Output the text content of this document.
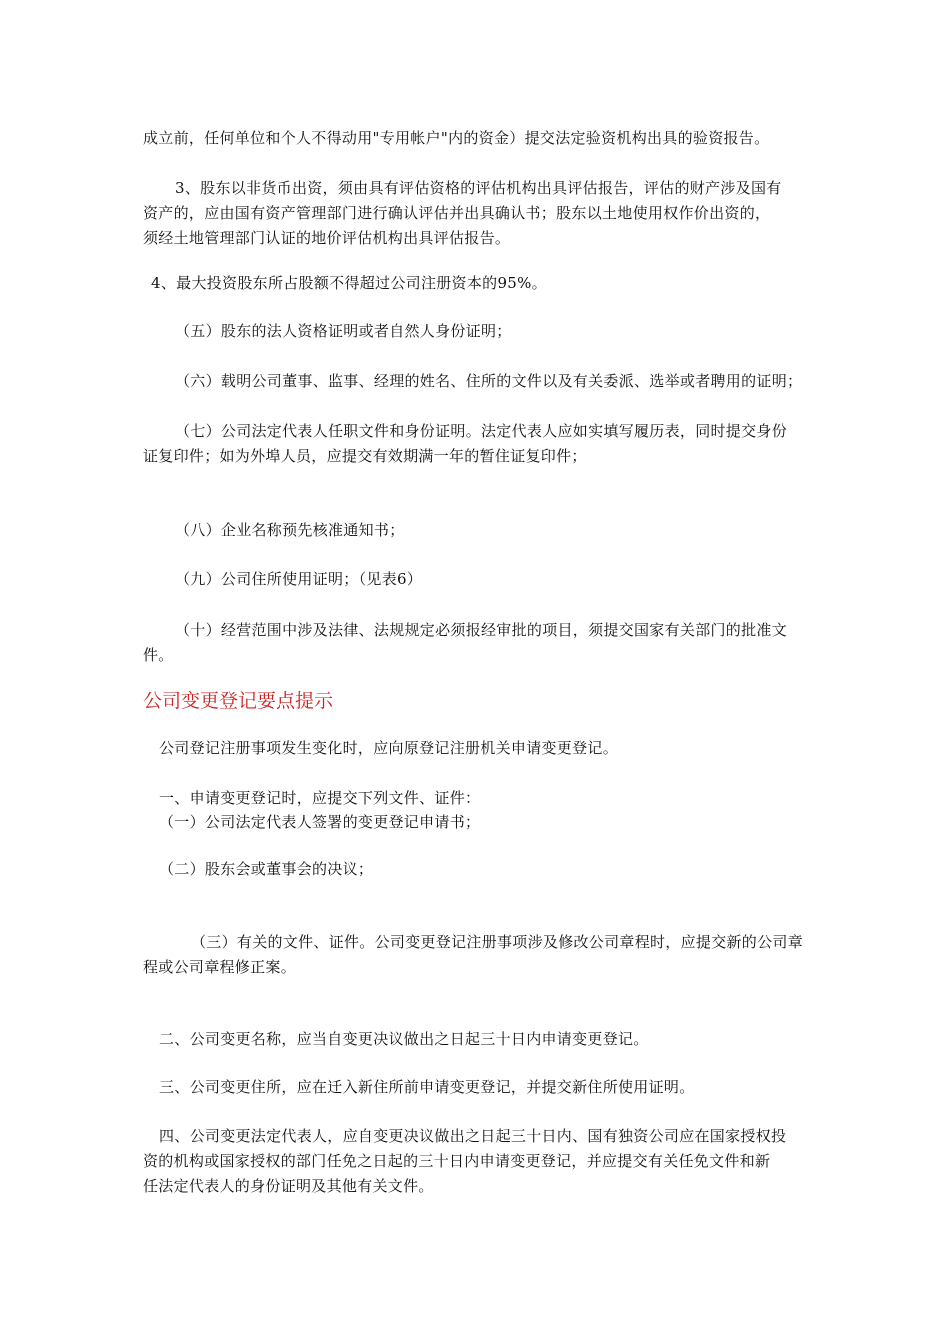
成立前，任何单位和个人不得动用"专用帐户"内的资金）提交法定验资机构出具的验资报告。
3、股东以非货币出资，须由具有评估资格的评估机构出具评估报告，评估的财产涉及国有
资产的，应由国有资产管理部门进行确认评估并出具确认书；股东以土地使用权作价出资的，
须经土地管理部门认证的地价评估机构出具评估报告。
4、最大投资股东所占股额不得超过公司注册资本的95%。
（五）股东的法人资格证明或者自然人身份证明；
（六）载明公司董事、监事、经理的姓名、住所的文件以及有关委派、选举或者聘用的证明；
（七）公司法定代表人任职文件和身份证明。法定代表人应如实填写履历表，同时提交身份
证复印件；如为外埠人员，应提交有效期满一年的暂住证复印件；
（八）企业名称预先核准通知书；
（九）公司住所使用证明；（见表6）
（十）经营范围中涉及法律、法规规定必须报经审批的项目，须提交国家有关部门的批准文
件。
公司变更登记要点提示
公司登记注册事项发生变化时，应向原登记注册机关申请变更登记。
一、申请变更登记时，应提交下列文件、证件：
（一）公司法定代表人签署的变更登记申请书；
（二）股东会或董事会的决议；
（三）有关的文件、证件。公司变更登记注册事项涉及修改公司章程时，应提交新的公司章
程或公司章程修正案。
二、公司变更名称，应当自变更决议做出之日起三十日内申请变更登记。
三、公司变更住所，应在迁入新住所前申请变更登记，并提交新住所使用证明。
四、公司变更法定代表人，应自变更决议做出之日起三十日内、国有独资公司应在国家授权投
资的机构或国家授权的部门任免之日起的三十日内申请变更登记，并应提交有关任免文件和新
任法定代表人的身份证明及其他有关文件。
